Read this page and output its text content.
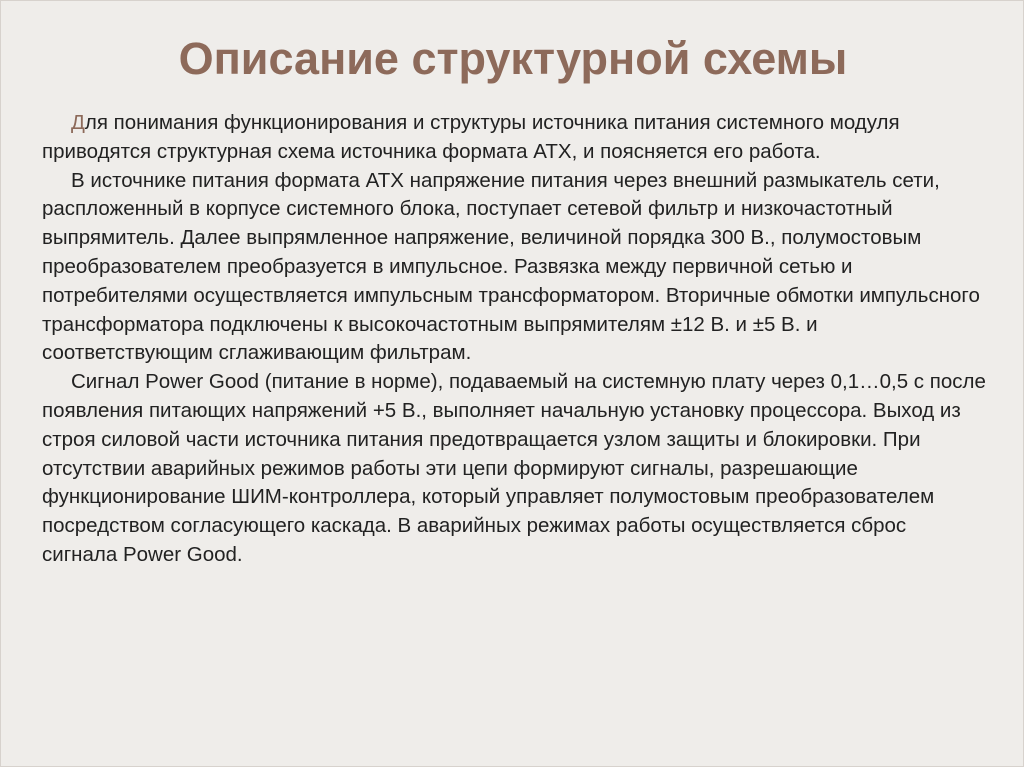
Описание структурной схемы

Для понимания функционирования и структуры источника питания системного модуля приводятся структурная схема источника формата ATX, и поясняется его работа.

В источнике питания формата ATX напряжение питания через внешний размыкатель сети, распложенный в корпусе системного блока, поступает сетевой фильтр и низкочастотный выпрямитель. Далее выпрямленное напряжение, величиной порядка 300 В., полумостовым преобразователем преобразуется в импульсное. Развязка между первичной сетью и потребителями осуществляется импульсным трансформатором. Вторичные обмотки импульсного трансформатора подключены к высокочастотным выпрямителям ±12 В. и ±5 В. и соответствующим сглаживающим фильтрам.

Сигнал Power Good (питание в норме), подаваемый на системную плату через 0,1…0,5 с после появления питающих напряжений +5 В., выполняет начальную установку процессора. Выход из строя силовой части источника питания предотвращается узлом защиты и блокировки. При отсутствии аварийных режимов работы эти цепи формируют сигналы, разрешающие функционирование ШИМ-контроллера, который управляет полумостовым преобразователем посредством согласующего каскада. В аварийных режимах работы осуществляется сброс сигнала Power Good.
